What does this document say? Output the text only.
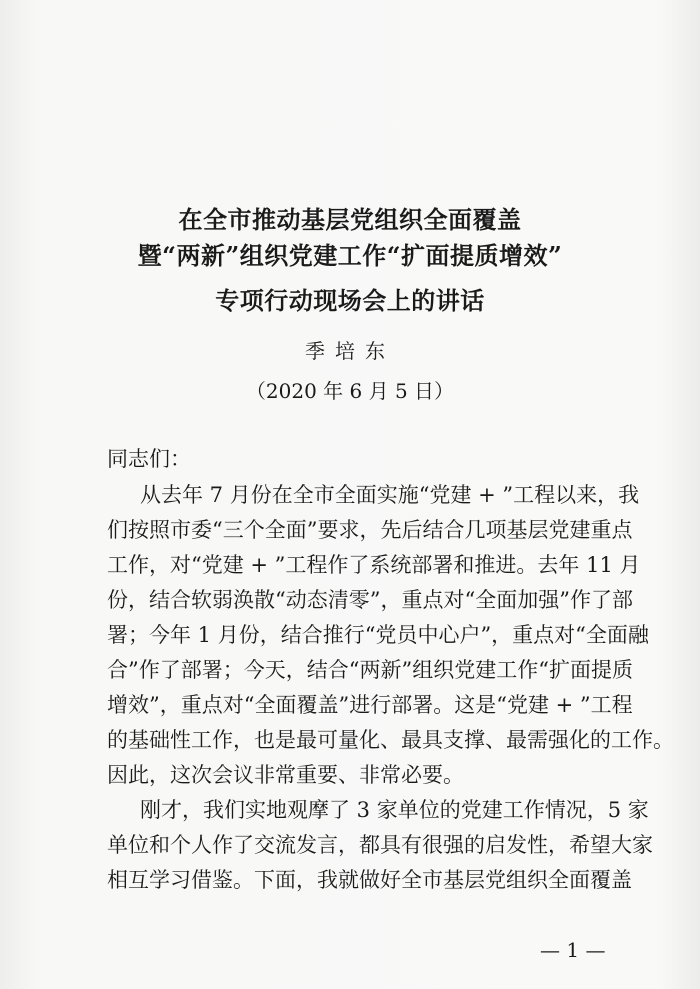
在全市推动基层党组织全面覆盖
暨“两新”组织党建工作“扩面提质增效”
专项行动现场会上的讲话
季培东
（2020 年 6 月 5 日）
同志们：
从去年 7 月份在全市全面实施“党建 + ”工程以来，我
们按照市委“三个全面”要求，先后结合几项基层党建重点
工作，对“党建 + ”工程作了系统部署和推进。去年 11 月
份，结合软弱涣散“动态清零”，重点对“全面加强”作了部
署；今年 1 月份，结合推行“党员中心户”，重点对“全面融
合”作了部署；今天，结合“两新”组织党建工作“扩面提质
增效”，重点对“全面覆盖”进行部署。这是“党建 + ”工程
的基础性工作，也是最可量化、最具支撑、最需强化的工作。
因此，这次会议非常重要、非常必要。
刚才，我们实地观摩了 3 家单位的党建工作情况，5 家
单位和个人作了交流发言，都具有很强的启发性，希望大家
相互学习借鉴。下面，我就做好全市基层党组织全面覆盖
— 1 —
